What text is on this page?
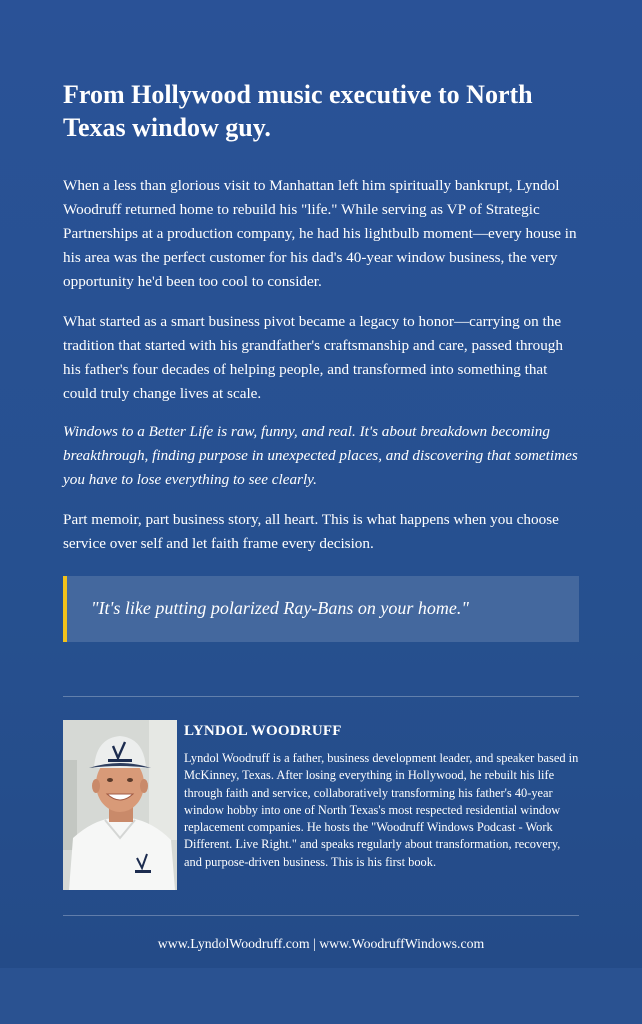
From Hollywood music executive to North Texas window guy.

When a less than glorious visit to Manhattan left him spiritually bankrupt, Lyndol Woodruff returned home to rebuild his "life." While serving as VP of Strategic Partnerships at a production company, he had his lightbulb moment—every house in his area was the perfect customer for his dad's 40-year window business, the very opportunity he'd been too cool to consider.

What started as a smart business pivot became a legacy to honor—carrying on the tradition that started with his grandfather's craftsmanship and care, passed through his father's four decades of helping people, and transformed into something that could truly change lives at scale.

Windows to a Better Life is raw, funny, and real. It's about breakdown becoming breakthrough, finding purpose in unexpected places, and discovering that sometimes you have to lose everything to see clearly.

Part memoir, part business story, all heart. This is what happens when you choose service over self and let faith frame every decision.

"It's like putting polarized Ray-Bans on your home."
LYNDOL WOODRUFF

Lyndol Woodruff is a father, business development leader, and speaker based in McKinney, Texas. After losing everything in Hollywood, he rebuilt his life through faith and service, collaboratively transforming his father's 40-year window hobby into one of North Texas's most respected residential window replacement companies. He hosts the "Woodruff Windows Podcast - Work Different. Live Right." and speaks regularly about transformation, recovery, and purpose-driven business. This is his first book.

www.LyndolWoodruff.com | www.WoodruffWindows.com
